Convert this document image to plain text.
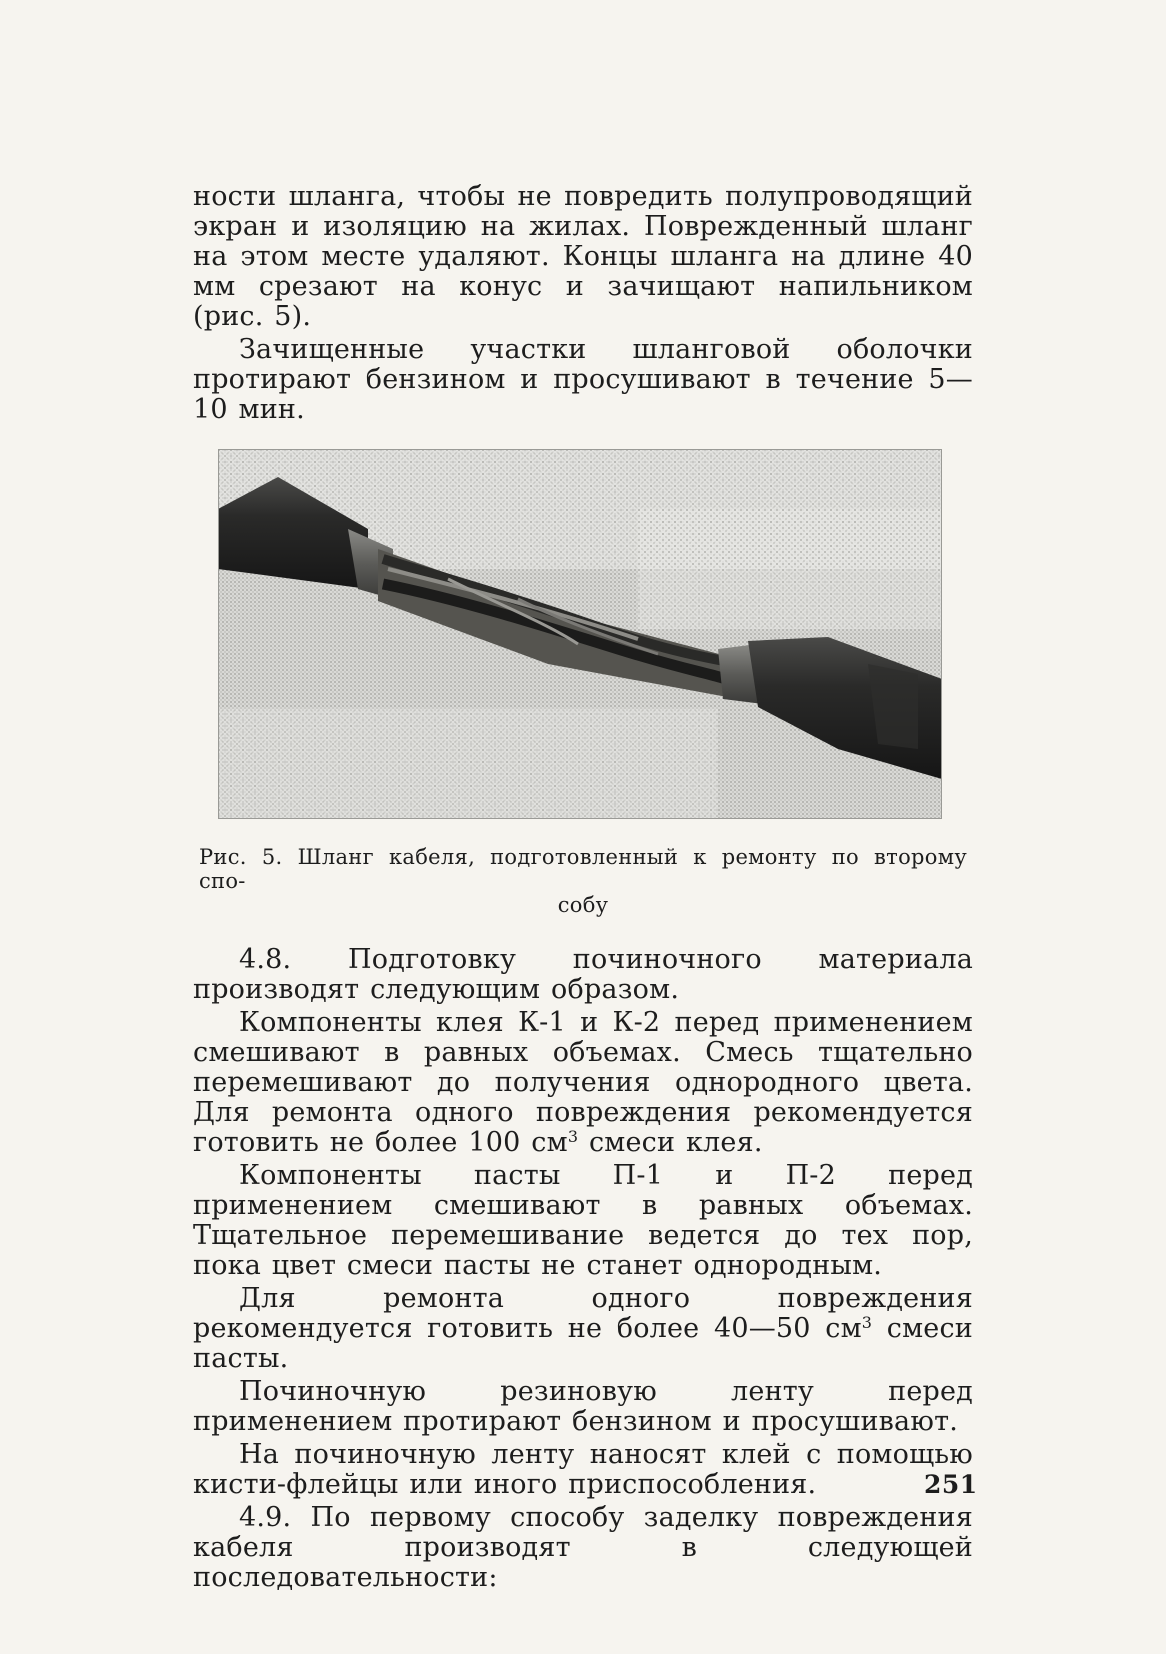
ности шланга, чтобы не повредить полупроводящий экран и изоляцию на жилах. Поврежденный шланг на этом месте удаляют. Концы шланга на длине 40 мм срезают на конус и зачищают напильником (рис. 5).

Зачищенные участки шланговой оболочки протирают бензином и просушивают в течение 5—10 мин.

Рис. 5. Шланг кабеля, подготовленный к ремонту по второму спо-
собу

4.8. Подготовку починочного материала производят следующим образом.

Компоненты клея К-1 и К-2 перед применением смешивают в равных объемах. Смесь тщательно перемешивают до получения однородного цвета. Для ремонта одного повреждения рекомендуется готовить не более 100 $см^3$ смеси клея.

Компоненты пасты П-1 и П-2 перед применением смешивают в равных объемах. Тщательное перемешивание ведется до тех пор, пока цвет смеси пасты не станет однородным.

Для ремонта одного повреждения рекомендуется готовить не более 40—50 $см^3$ смеси пасты.

Починочную резиновую ленту перед применением протирают бензином и просушивают.

На починочную ленту наносят клей с помощью кисти-флейцы или иного приспособления.

4.9. По первому способу заделку повреждения кабеля производят в следующей последовательности:

251
